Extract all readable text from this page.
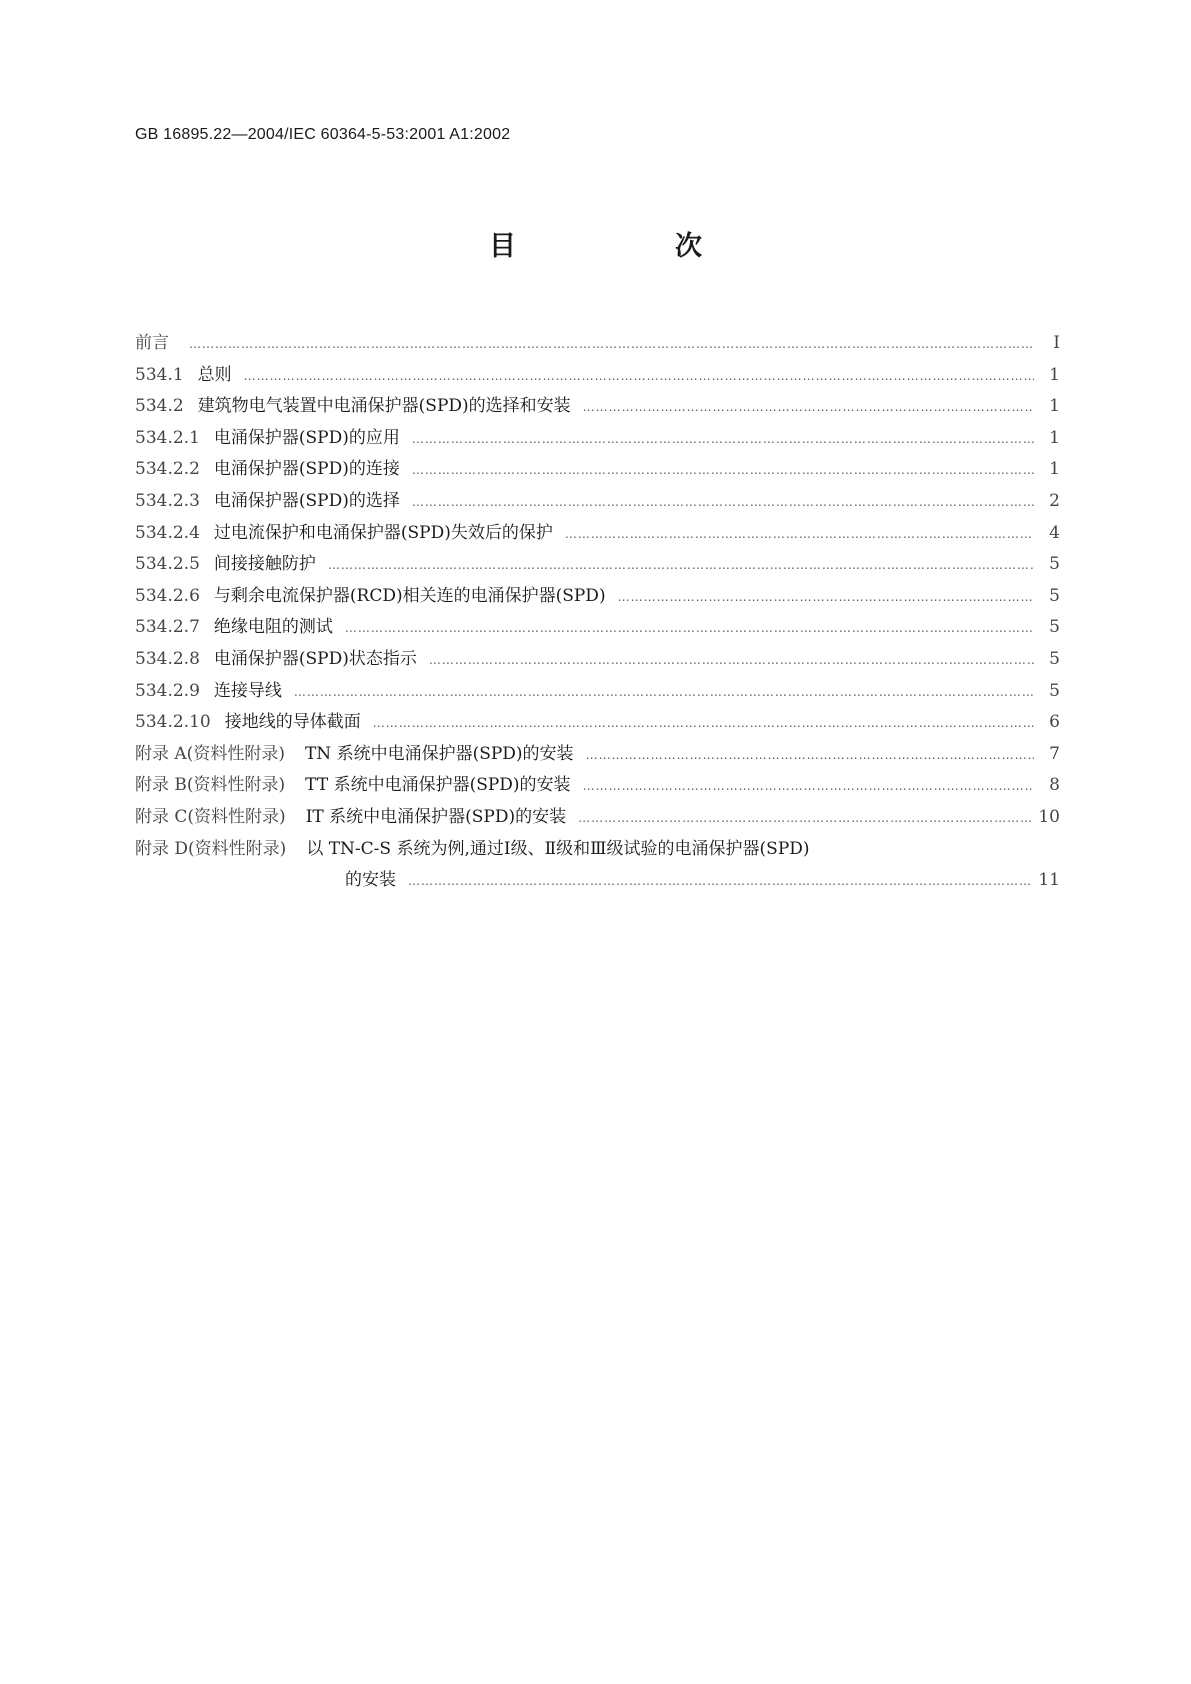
GB 16895.22—2004/IEC 60364-5-53:2001 A1:2002
目　次
前言 ………………………………………………………………………………………………………………………………………………………………………………………………………………	Ⅰ
534.1 总则 ………………………………………………………………………………………………………………………………………………………………………………………………………………	1
534.2 建筑物电气装置中电涌保护器(SPD)的选择和安装 ………………………………………………………………………………………………………………………………………………………………………………………………………………	1
534.2.1 电涌保护器(SPD)的应用 ………………………………………………………………………………………………………………………………………………………………………………………………………………	1
534.2.2 电涌保护器(SPD)的连接 ………………………………………………………………………………………………………………………………………………………………………………………………………………	1
534.2.3 电涌保护器(SPD)的选择 ………………………………………………………………………………………………………………………………………………………………………………………………………………	2
534.2.4 过电流保护和电涌保护器(SPD)失效后的保护 ………………………………………………………………………………………………………………………………………………………………………………………………………………	4
534.2.5 间接接触防护 ………………………………………………………………………………………………………………………………………………………………………………………………………………	5
534.2.6 与剩余电流保护器(RCD)相关连的电涌保护器(SPD) ………………………………………………………………………………………………………………………………………………………………………………………………………………	5
534.2.7 绝缘电阻的测试 ………………………………………………………………………………………………………………………………………………………………………………………………………………	5
534.2.8 电涌保护器(SPD)状态指示 ………………………………………………………………………………………………………………………………………………………………………………………………………………	5
534.2.9 连接导线 ………………………………………………………………………………………………………………………………………………………………………………………………………………	5
534.2.10 接地线的导体截面 ………………………………………………………………………………………………………………………………………………………………………………………………………………	6
附录 A(资料性附录) TN 系统中电涌保护器(SPD)的安装 ………………………………………………………………………………………………………………………………………………………………………………………………………………	7
附录 B(资料性附录) TT 系统中电涌保护器(SPD)的安装 ………………………………………………………………………………………………………………………………………………………………………………………………………………	8
附录 C(资料性附录) IT 系统中电涌保护器(SPD)的安装 ………………………………………………………………………………………………………………………………………………………………………………………………………………	10
附录 D(资料性附录) 以 TN-C-S 系统为例,通过Ⅰ级、Ⅱ级和Ⅲ级试验的电涌保护器(SPD)
的安装 ………………………………………………………………………………………………………………………………………………………………………………………………………………	11
